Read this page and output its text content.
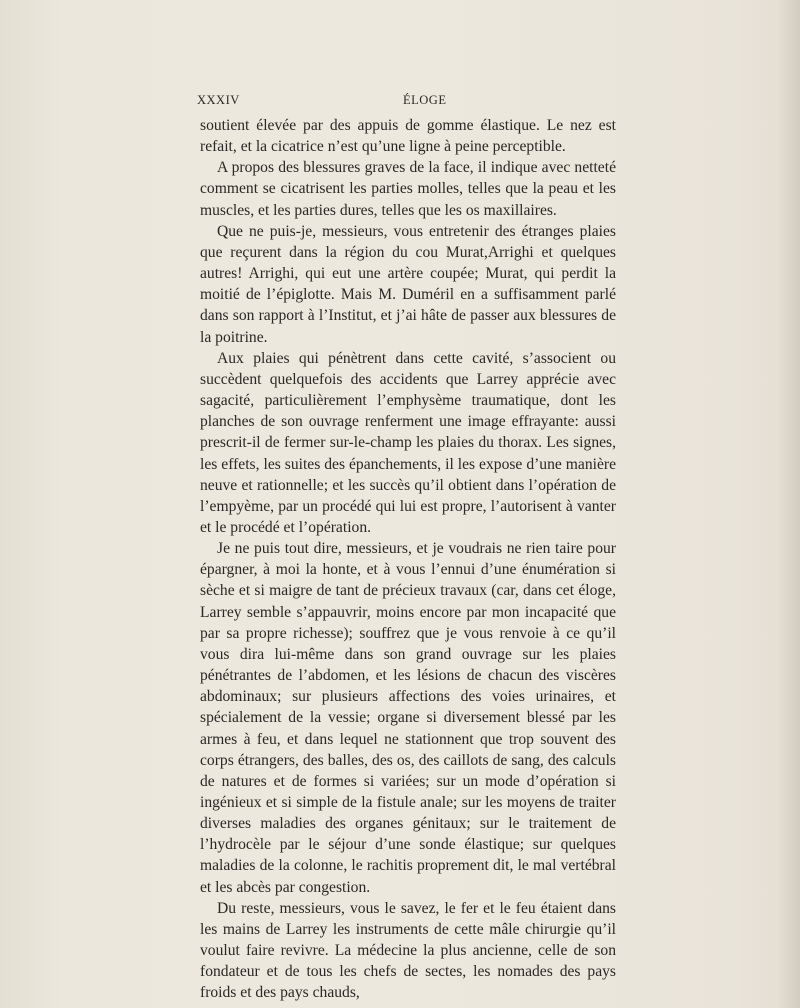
XXXIV	ÉLOGE

soutient élevée par des appuis de gomme élastique. Le nez est refait, et la cicatrice n’est qu’une ligne à peine perceptible.

A propos des blessures graves de la face, il indique avec netteté comment se cicatrisent les parties molles, telles que la peau et les muscles, et les parties dures, telles que les os maxillaires.

Que ne puis-je, messieurs, vous entretenir des étranges plaies que reçurent dans la région du cou Murat,Arrighi et quelques autres! Arrighi, qui eut une artère coupée; Murat, qui perdit la moitié de l’épiglotte. Mais M. Duméril en a suffisamment parlé dans son rapport à l’Institut, et j’ai hâte de passer aux blessures de la poitrine.

Aux plaies qui pénètrent dans cette cavité, s’associent ou succèdent quelquefois des accidents que Larrey apprécie avec sagacité, particulièrement l’emphysème traumatique, dont les planches de son ouvrage renferment une image effrayante: aussi prescrit-il de fermer sur-le-champ les plaies du thorax. Les signes, les effets, les suites des épanchements, il les expose d’une manière neuve et rationnelle; et les succès qu’il obtient dans l’opération de l’empyème, par un procédé qui lui est propre, l’autorisent à vanter et le procédé et l’opération.

Je ne puis tout dire, messieurs, et je voudrais ne rien taire pour épargner, à moi la honte, et à vous l’ennui d’une énumération si sèche et si maigre de tant de précieux travaux (car, dans cet éloge, Larrey semble s’appauvrir, moins encore par mon incapacité que par sa propre richesse); souffrez que je vous renvoie à ce qu’il vous dira lui-même dans son grand ouvrage sur les plaies pénétrantes de l’abdomen, et les lésions de chacun des viscères abdominaux; sur plusieurs affections des voies urinaires, et spécialement de la vessie; organe si diversement blessé par les armes à feu, et dans lequel ne stationnent que trop souvent des corps étrangers, des balles, des os, des caillots de sang, des calculs de natures et de formes si variées; sur un mode d’opération si ingénieux et si simple de la fistule anale; sur les moyens de traiter diverses maladies des organes génitaux; sur le traitement de l’hydrocèle par le séjour d’une sonde élastique; sur quelques maladies de la colonne, le rachitis proprement dit, le mal vertébral et les abcès par congestion.

Du reste, messieurs, vous le savez, le fer et le feu étaient dans les mains de Larrey les instruments de cette mâle chirurgie qu’il voulut faire revivre. La médecine la plus ancienne, celle de son fondateur et de tous les chefs de sectes, les nomades des pays froids et des pays chauds,
